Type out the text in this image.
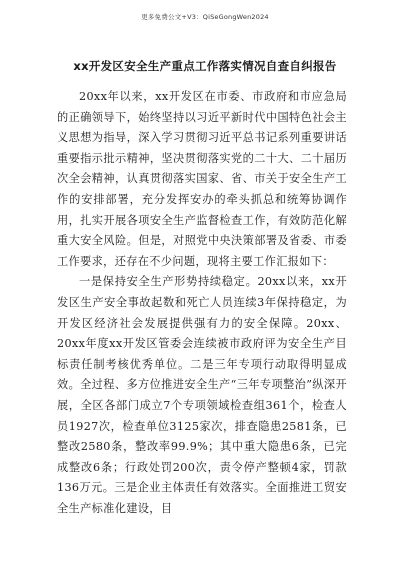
更多免费公文+V3：QiSeGongWen2024
xx开发区安全生产重点工作落实情况自查自纠报告

20xx年以来，xx开发区在市委、市政府和市应急局的正确领导下，始终坚持以习近平新时代中国特色社会主义思想为指导，深入学习贯彻习近平总书记系列重要讲话重要指示批示精神，坚决贯彻落实党的二十大、二十届历次全会精神，认真贯彻落实国家、省、市关于安全生产工作的安排部署，充分发挥安办的牵头抓总和统筹协调作用，扎实开展各项安全生产监督检查工作，有效防范化解重大安全风险。但是，对照党中央決策部署及省委、市委工作要求，还存在不少问题，现将主要工作汇报如下：

一是保持安全生产形势持续稳定。20xx以来，xx开发区生产安全事故起数和死亡人员连续3年保持稳定，为开发区经济社会发展提供强有力的安全保障。20xx、20xx年度xx开发区管委会连续被市政府评为安全生产目标责任制考核优秀单位。二是三年专项行动取得明显成效。全过程、多方位推进安全生产“三年专项整治”纵深开展，全区各部门成立7个专项领域检查组361个，检查人员1927次，检查单位3125家次，排查隐患2581条，已整改2580条，整改率99.9%；其中重大隐患6条，已完成整改6条；行政处罚200次，责令停产整顿4家，罚款136万元。三是企业主体责任有效落实。全面推进工贸安全生产标准化建设，目
